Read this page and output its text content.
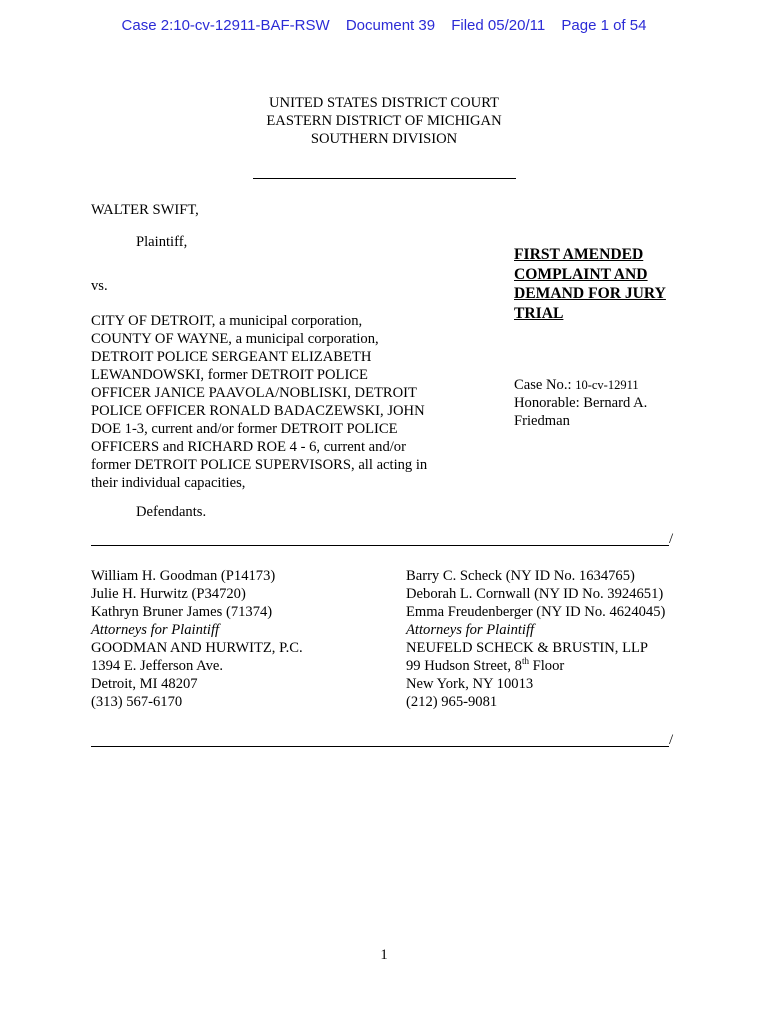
Case 2:10-cv-12911-BAF-RSW Document 39 Filed 05/20/11 Page 1 of 54
UNITED STATES DISTRICT COURT
EASTERN DISTRICT OF MICHIGAN
SOUTHERN DIVISION
WALTER SWIFT,
Plaintiff,
vs.
CITY OF DETROIT, a municipal corporation,
COUNTY OF WAYNE, a municipal corporation,
DETROIT POLICE SERGEANT ELIZABETH
LEWANDOWSKI, former DETROIT POLICE
OFFICER JANICE PAAVOLA/NOBLISKI, DETROIT
POLICE OFFICER RONALD BADACZEWSKI, JOHN
DOE 1-3, current and/or former DETROIT POLICE
OFFICERS and RICHARD ROE 4 - 6, current and/or
former DETROIT POLICE SUPERVISORS, all acting in
their individual capacities,
Defendants.
FIRST AMENDED
COMPLAINT AND
DEMAND FOR JURY
TRIAL
Case No.: 10-cv-12911
Honorable: Bernard A.
Friedman
/
William H. Goodman (P14173)
Julie H. Hurwitz (P34720)
Kathryn Bruner James (71374)
Attorneys for Plaintiff
GOODMAN AND HURWITZ, P.C.
1394 E. Jefferson Ave.
Detroit, MI 48207
(313) 567-6170
Barry C. Scheck (NY ID No. 1634765)
Deborah L. Cornwall (NY ID No. 3924651)
Emma Freudenberger (NY ID No. 4624045)
Attorneys for Plaintiff
NEUFELD SCHECK & BRUSTIN, LLP
99 Hudson Street, 8th Floor
New York, NY 10013
(212) 965-9081
/
1
